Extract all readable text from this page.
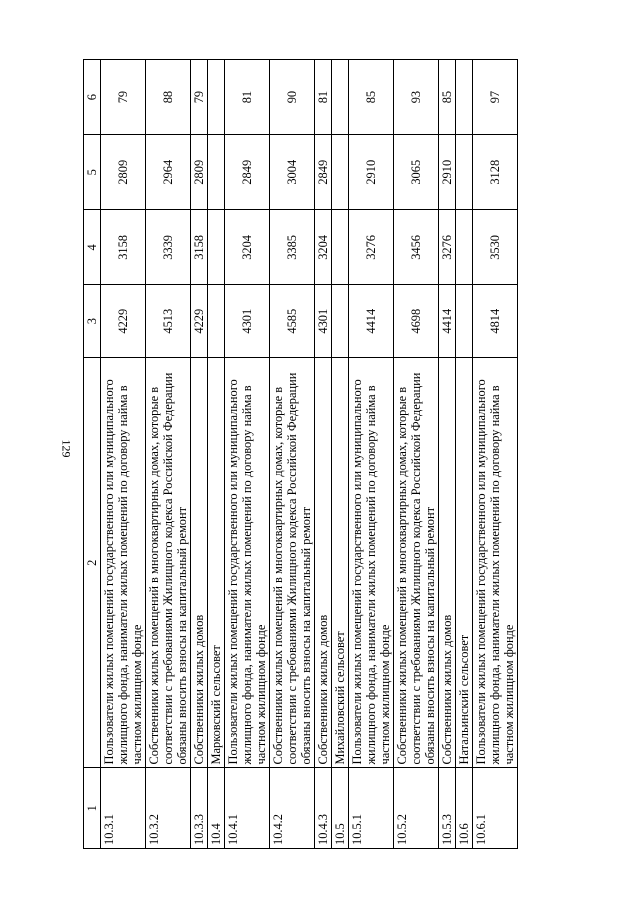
129
1	2	3	4	5	6
10.3.1	Пользователи жилых помещений государственного или муниципального жилищного фонда, наниматели жилых помещений по договору найма в частном жилищном фонде	4229	3158	2809	79
10.3.2	Собственники жилых помещений в многоквартирных домах, которые в соответствии с требованиями Жилищного кодекса Российской Федерации обязаны вносить взносы на капитальный ремонт	4513	3339	2964	88
10.3.3	Собственники жилых домов	4229	3158	2809	79
10.4	Марковский сельсовет				
10.4.1	Пользователи жилых помещений государственного или муниципального жилищного фонда, наниматели жилых помещений по договору найма в частном жилищном фонде	4301	3204	2849	81
10.4.2	Собственники жилых помещений в многоквартирных домах, которые в соответствии с требованиями Жилищного кодекса Российской Федерации обязаны вносить взносы на капитальный ремонт	4585	3385	3004	90
10.4.3	Собственники жилых домов	4301	3204	2849	81
10.5	Михайловский сельсовет				
10.5.1	Пользователи жилых помещений государственного или муниципального жилищного фонда, наниматели жилых помещений по договору найма в частном жилищном фонде	4414	3276	2910	85
10.5.2	Собственники жилых помещений в многоквартирных домах, которые в соответствии с требованиями Жилищного кодекса Российской Федерации обязаны вносить взносы на капитальный ремонт	4698	3456	3065	93
10.5.3	Собственники жилых домов	4414	3276	2910	85
10.6	Натальинский сельсовет				
10.6.1	Пользователи жилых помещений государственного или муниципального жилищного фонда, наниматели жилых помещений по договору найма в частном жилищном фонде	4814	3530	3128	97
